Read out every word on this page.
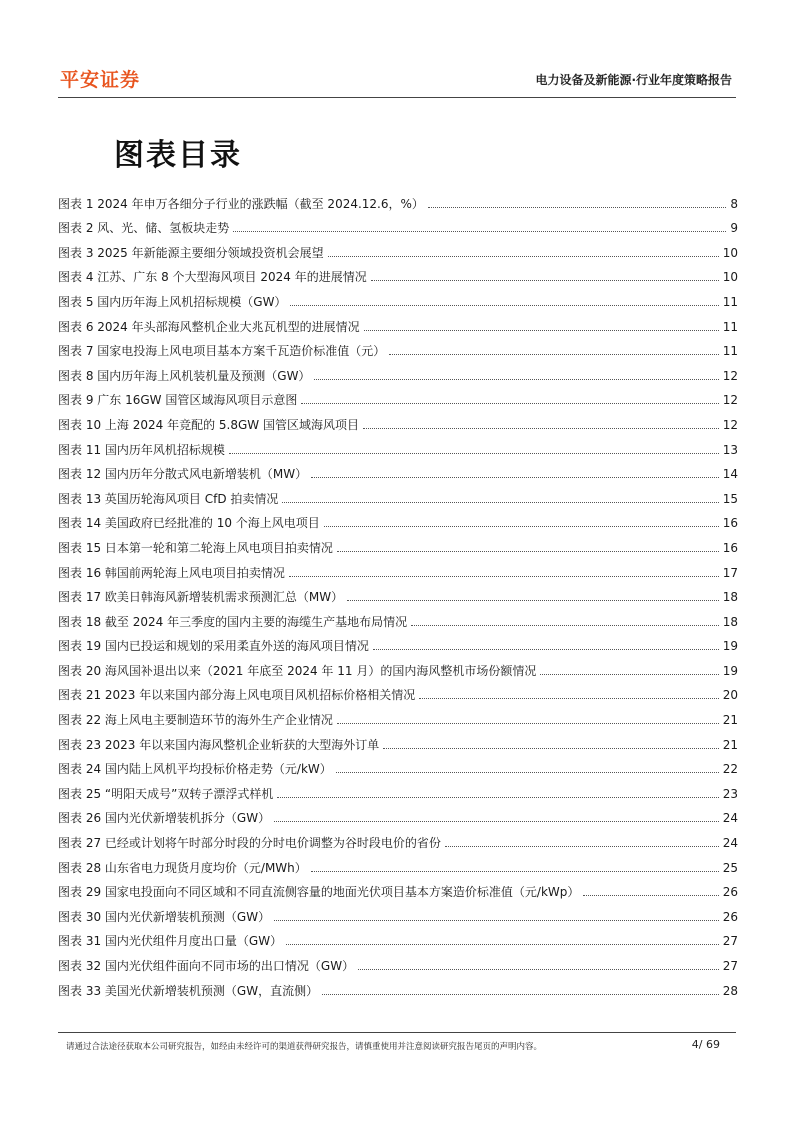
平安证券	电力设备及新能源·行业年度策略报告
图表目录
图表 1 2024 年申万各细分子行业的涨跌幅（截至 2024.12.6，%）	8
图表 2 风、光、储、氢板块走势	9
图表 3 2025 年新能源主要细分领域投资机会展望	10
图表 4 江苏、广东 8 个大型海风项目 2024 年的进展情况	10
图表 5 国内历年海上风机招标规模（GW）	11
图表 6 2024 年头部海风整机企业大兆瓦机型的进展情况	11
图表 7 国家电投海上风电项目基本方案千瓦造价标准值（元）	11
图表 8 国内历年海上风机装机量及预测（GW）	12
图表 9 广东 16GW 国管区域海风项目示意图	12
图表 10 上海 2024 年竞配的 5.8GW 国管区域海风项目	12
图表 11 国内历年风机招标规模	13
图表 12 国内历年分散式风电新增装机（MW）	14
图表 13 英国历轮海风项目 CfD 拍卖情况	15
图表 14 美国政府已经批准的 10 个海上风电项目	16
图表 15 日本第一轮和第二轮海上风电项目拍卖情况	16
图表 16 韩国前两轮海上风电项目拍卖情况	17
图表 17 欧美日韩海风新增装机需求预测汇总（MW）	18
图表 18 截至 2024 年三季度的国内主要的海缆生产基地布局情况	18
图表 19 国内已投运和规划的采用柔直外送的海风项目情况	19
图表 20 海风国补退出以来（2021 年底至 2024 年 11 月）的国内海风整机市场份额情况	19
图表 21 2023 年以来国内部分海上风电项目风机招标价格相关情况	20
图表 22 海上风电主要制造环节的海外生产企业情况	21
图表 23 2023 年以来国内海风整机企业斩获的大型海外订单	21
图表 24 国内陆上风机平均投标价格走势（元/kW）	22
图表 25 “明阳天成号”双转子漂浮式样机	23
图表 26 国内光伏新增装机拆分（GW）	24
图表 27 已经或计划将午时部分时段的分时电价调整为谷时段电价的省份	24
图表 28 山东省电力现货月度均价（元/MWh）	25
图表 29 国家电投面向不同区域和不同直流侧容量的地面光伏项目基本方案造价标准值（元/kWp）	26
图表 30 国内光伏新增装机预测（GW）	26
图表 31 国内光伏组件月度出口量（GW）	27
图表 32 国内光伏组件面向不同市场的出口情况（GW）	27
图表 33 美国光伏新增装机预测（GW，直流侧）	28
请通过合法途径获取本公司研究报告，如经由未经许可的渠道获得研究报告，请慎重使用并注意阅读研究报告尾页的声明内容。	4/ 69
